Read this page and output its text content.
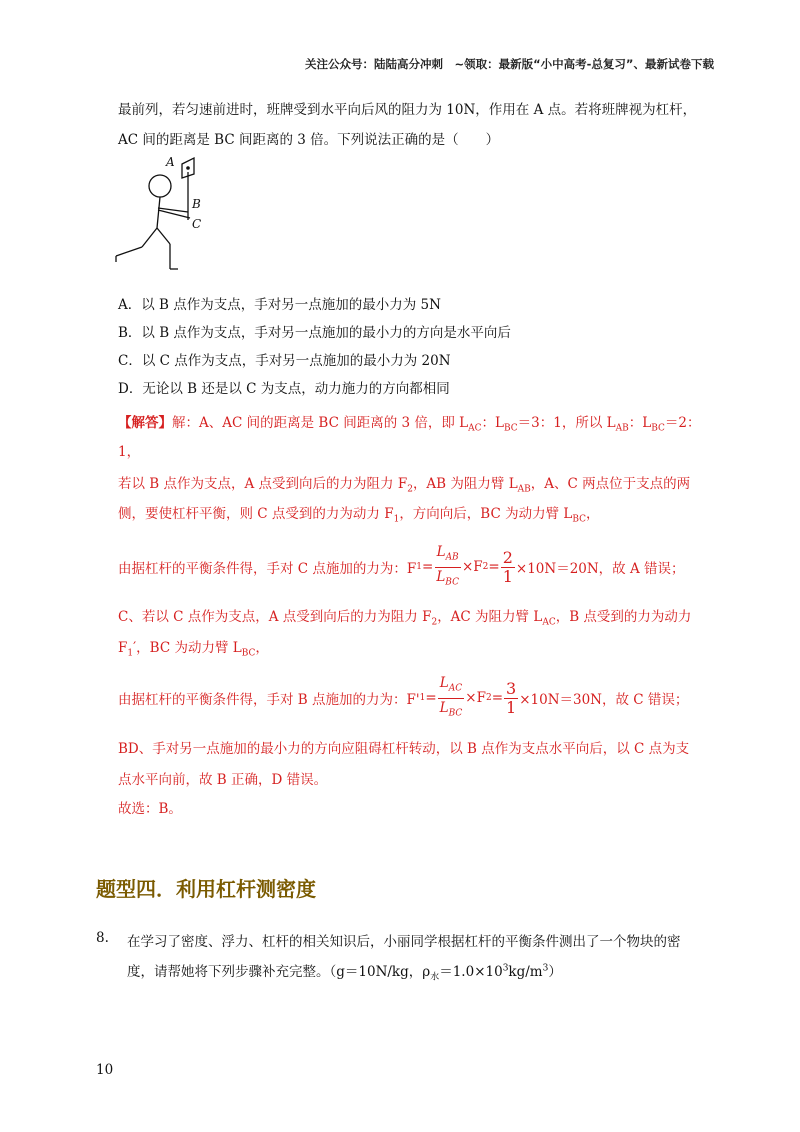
关注公众号：陆陆高分冲刺　~领取：最新版“小中高考-总复习”、最新试卷下载
最前列，若匀速前进时，班牌受到水平向后风的阻力为 10N，作用在 A 点。若将班牌视为杠杆，
AC 间的距离是 BC 间距离的 3 倍。下列说法正确的是（　　）
A
B
C
A．以 B 点作为支点，手对另一点施加的最小力为 5N
B．以 B 点作为支点，手对另一点施加的最小力的方向是水平向后
C．以 C 点作为支点，手对另一点施加的最小力为 20N
D．无论以 B 还是以 C 为支点，动力施力的方向都相同
【解答】解：A、AC 间的距离是 BC 间距离的 3 倍，即 $L_{AC}$：$L_{BC}=3$：1，所以 $L_{AB}$：$L_{BC}=2$：
1，
若以 B 点作为支点，A 点受到向后的力为阻力 $F_2$，AB 为阻力臂 $L_{AB}$，A、C 两点位于支点的两
侧，要使杠杆平衡，则 C 点受到的力为动力 $F_1$，方向向后，BC 为动力臂 $L_{BC}$，
由据杠杆的平衡条件得，手对 C 点施加的力为：F $1 = \frac{L_{AB}}{L_{BC}} \times F$ $2 = \frac{2}{1} \times 10N=20N$，故 A 错误；
C、若以 C 点作为支点，A 点受到向后的力为阻力 $F_2$，AC 为阻力臂 $L_{AC}$，B 点受到的力为动力
$F_1'$，BC 为动力臂 $L_{BC}$，
由据杠杆的平衡条件得，手对 B 点施加的力为：F' $1 = \frac{L_{AC}}{L_{BC}} \times F$ $2 = \frac{3}{1} \times 10N=30N$，故 C 错误；
BD、手对另一点施加的最小力的方向应阻碍杠杆转动，以 B 点作为支点水平向后，以 C 点为支
点水平向前，故 B 正确，D 错误。
故选：B。
题型四．利用杠杆测密度
8. 在学习了密度、浮力、杠杆的相关知识后，小丽同学根据杠杆的平衡条件测出了一个物块的密
度，请帮她将下列步骤补充完整。（g＝10N/kg，$\rho_水=1.0\times 10^3kg/m^3$）
10
